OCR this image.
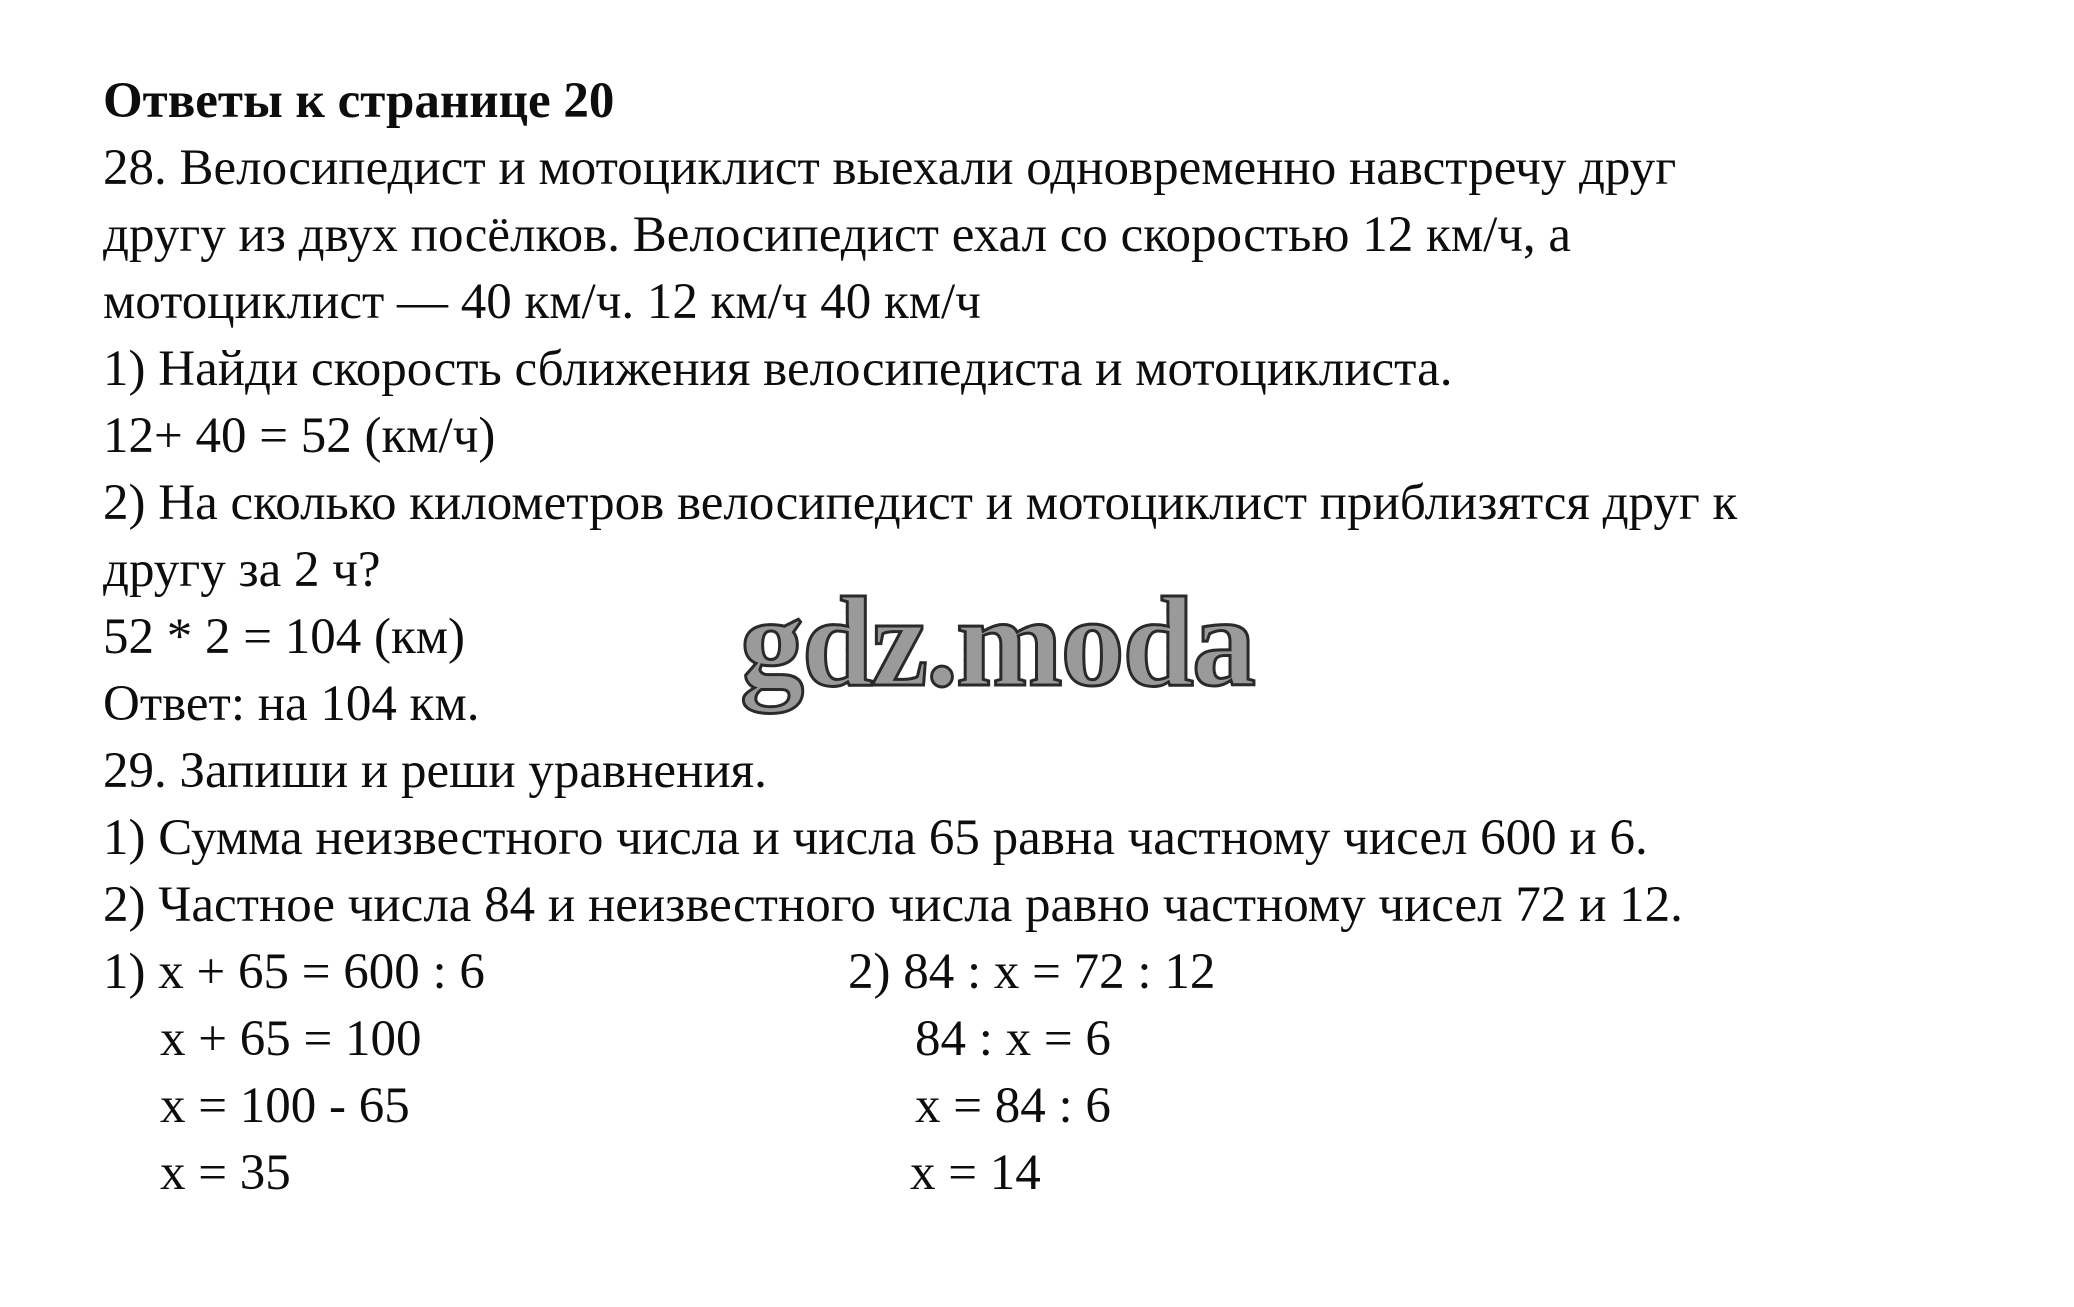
Ответы к странице 20
28. Велосипедист и мотоциклист выехали одновременно навстречу друг
другу из двух посёлков. Велосипедист ехал со скоростью 12 км/ч, а
мотоциклист — 40 км/ч. 12 км/ч 40 км/ч
1) Найди скорость сближения велосипедиста и мотоциклиста.
12+ 40 = 52 (км/ч)
2) На сколько километров велосипедист и мотоциклист приблизятся друг к
другу за 2 ч?
52 * 2 = 104 (км)
Ответ: на 104 км.
29. Запиши и реши уравнения.
1) Сумма неизвестного числа и числа 65 равна частному чисел 600 и 6.
2) Частное числа 84 и неизвестного числа равно частному чисел 72 и 12.
1) x + 65 = 600 : 6
x + 65 = 100
x = 100 - 65
x = 35
2) 84 : x = 72 : 12
84 : x = 6
x = 84 : 6
x = 14
gdz.moda
